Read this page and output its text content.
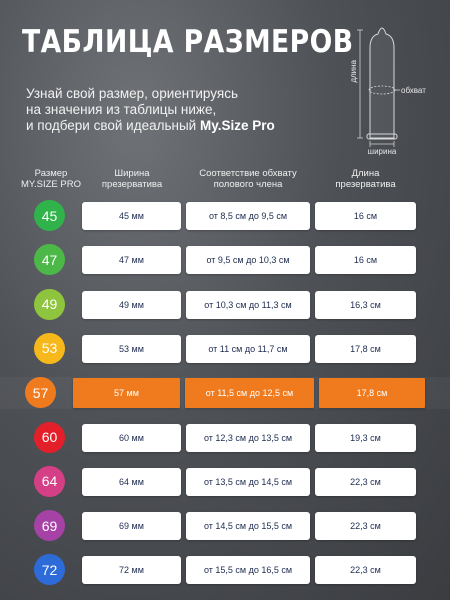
ТАБЛИЦА РАЗМЕРОВ
Узнай свой размер, ориентируясь
на значения из таблицы ниже,
и подбери свой идеальный My.Size Pro
длина
обхват
ширина
Размер
MY.SIZE PRO
Ширина
презерватива
Соответствие обхвату
полового члена
Длина
презерватива
45	45 мм	от 8,5 см до 9,5 см	16 см
47	47 мм	от 9,5 см до 10,3 см	16 см
49	49 мм	от 10,3 см до 11,3 см	16,3 см
53	53 мм	от 11 см до 11,7 см	17,8 см
57	57 мм	от 11,5 см до 12,5 см	17,8 см
60	60 мм	от 12,3 см до 13,5 см	19,3 см
64	64 мм	от 13,5 см до 14,5 см	22,3 см
69	69 мм	от 14,5 см до 15,5 см	22,3 см
72	72 мм	от 15,5 см до 16,5 см	22,3 см
